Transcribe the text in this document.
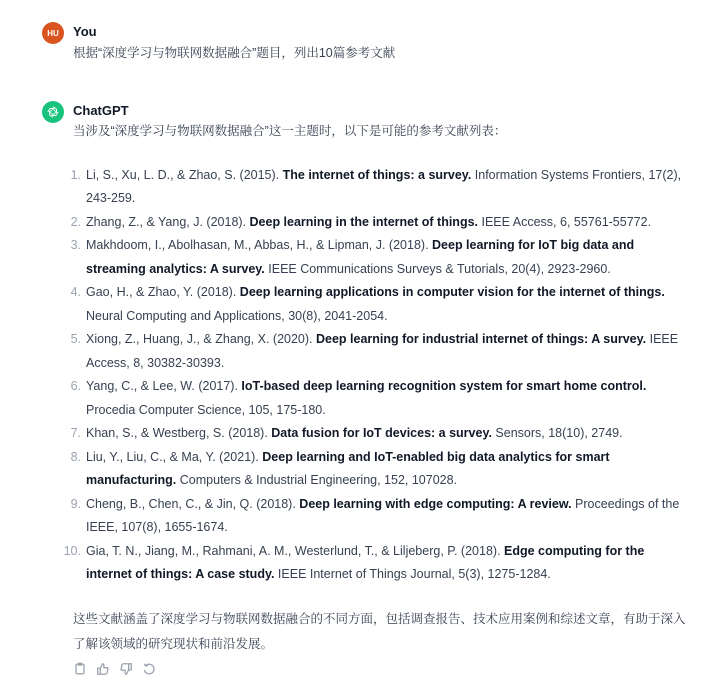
HU	You
根据“深度学习与物联网数据融合”题目，列出10篇参考文献
ChatGPT
当涉及“深度学习与物联网数据融合”这一主题时，以下是可能的参考文献列表：
1. Li, S., Xu, L. D., & Zhao, S. (2015). The internet of things: a survey. Information Systems Frontiers, 17(2), 243-259.
2. Zhang, Z., & Yang, J. (2018). Deep learning in the internet of things. IEEE Access, 6, 55761-55772.
3. Makhdoom, I., Abolhasan, M., Abbas, H., & Lipman, J. (2018). Deep learning for IoT big data and streaming analytics: A survey. IEEE Communications Surveys & Tutorials, 20(4), 2923-2960.
4. Gao, H., & Zhao, Y. (2018). Deep learning applications in computer vision for the internet of things. Neural Computing and Applications, 30(8), 2041-2054.
5. Xiong, Z., Huang, J., & Zhang, X. (2020). Deep learning for industrial internet of things: A survey. IEEE Access, 8, 30382-30393.
6. Yang, C., & Lee, W. (2017). IoT-based deep learning recognition system for smart home control. Procedia Computer Science, 105, 175-180.
7. Khan, S., & Westberg, S. (2018). Data fusion for IoT devices: a survey. Sensors, 18(10), 2749.
8. Liu, Y., Liu, C., & Ma, Y. (2021). Deep learning and IoT-enabled big data analytics for smart manufacturing. Computers & Industrial Engineering, 152, 107028.
9. Cheng, B., Chen, C., & Jin, Q. (2018). Deep learning with edge computing: A review. Proceedings of the IEEE, 107(8), 1655-1674.
10. Gia, T. N., Jiang, M., Rahmani, A. M., Westerlund, T., & Liljeberg, P. (2018). Edge computing for the internet of things: A case study. IEEE Internet of Things Journal, 5(3), 1275-1284.
这些文献涵盖了深度学习与物联网数据融合的不同方面，包括调查报告、技术应用案例和综述文章，有助于深入了解该领域的研究现状和前沿发展。
